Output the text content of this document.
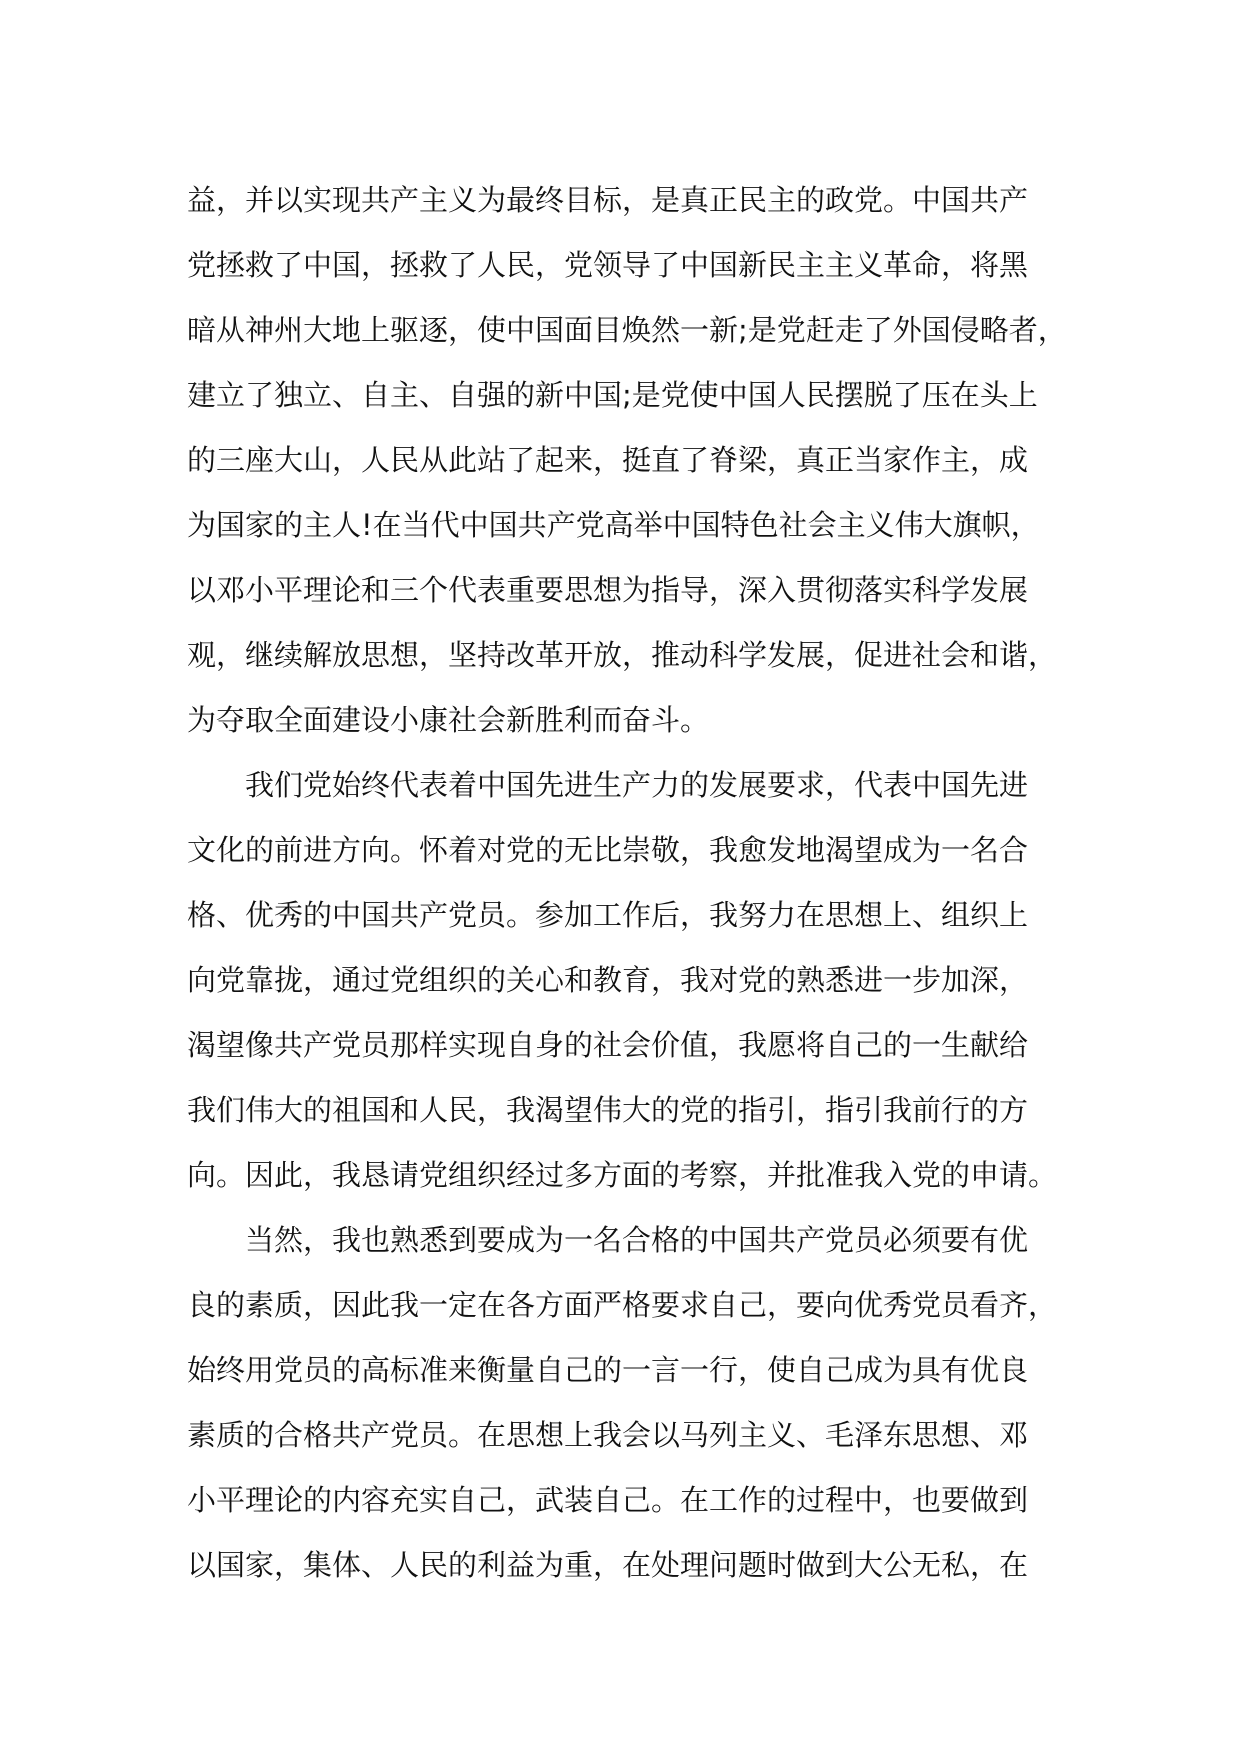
益，并以实现共产主义为最终目标，是真正民主的政党。中国共产
党拯救了中国，拯救了人民，党领导了中国新民主主义革命，将黑
暗从神州大地上驱逐，使中国面目焕然一新;是党赶走了外国侵略者，
建立了独立、自主、自强的新中国;是党使中国人民摆脱了压在头上
的三座大山，人民从此站了起来，挺直了脊梁，真正当家作主，成
为国家的主人!在当代中国共产党高举中国特色社会主义伟大旗帜，
以邓小平理论和三个代表重要思想为指导，深入贯彻落实科学发展
观，继续解放思想，坚持改革开放，推动科学发展，促进社会和谐，
为夺取全面建设小康社会新胜利而奋斗。
我们党始终代表着中国先进生产力的发展要求，代表中国先进
文化的前进方向。怀着对党的无比崇敬，我愈发地渴望成为一名合
格、优秀的中国共产党员。参加工作后，我努力在思想上、组织上
向党靠拢，通过党组织的关心和教育，我对党的熟悉进一步加深，
渴望像共产党员那样实现自身的社会价值，我愿将自己的一生献给
我们伟大的祖国和人民，我渴望伟大的党的指引，指引我前行的方
向。因此，我恳请党组织经过多方面的考察，并批准我入党的申请。
当然，我也熟悉到要成为一名合格的中国共产党员必须要有优
良的素质，因此我一定在各方面严格要求自己，要向优秀党员看齐，
始终用党员的高标准来衡量自己的一言一行，使自己成为具有优良
素质的合格共产党员。在思想上我会以马列主义、毛泽东思想、邓
小平理论的内容充实自己，武装自己。在工作的过程中，也要做到
以国家，集体、人民的利益为重，在处理问题时做到大公无私，在
